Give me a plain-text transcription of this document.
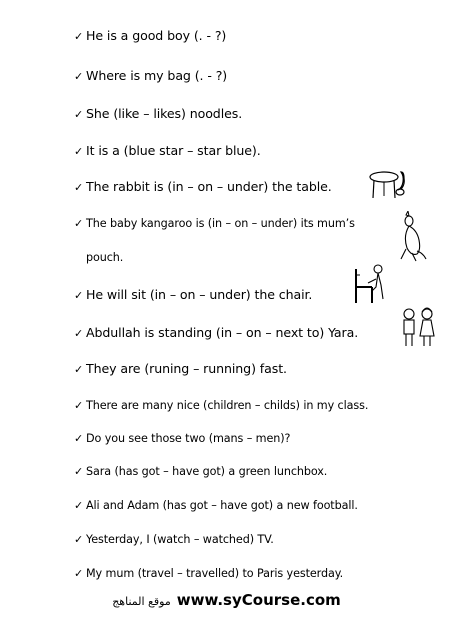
✓ He is a good boy (. - ?)
✓ Where is my bag (. - ?)
✓ She (like – likes) noodles.
✓ It is a (blue star – star blue).
✓ The rabbit is (in – on – under) the table.
✓ The baby kangaroo is (in – on – under) its mum’s
pouch.
✓ He will sit (in – on – under) the chair.
✓ Abdullah is standing (in – on – next to) Yara.
✓ They are (runing – running) fast.
✓ There are many nice (children – childs) in my class.
✓ Do you see those two (mans – men)?
✓ Sara (has got – have got) a green lunchbox.
✓ Ali and Adam (has got – have got) a new football.
✓ Yesterday, I (watch – watched) TV.
✓ My mum (travel – travelled) to Paris yesterday.
موقع المناهج www.syCourse.com
